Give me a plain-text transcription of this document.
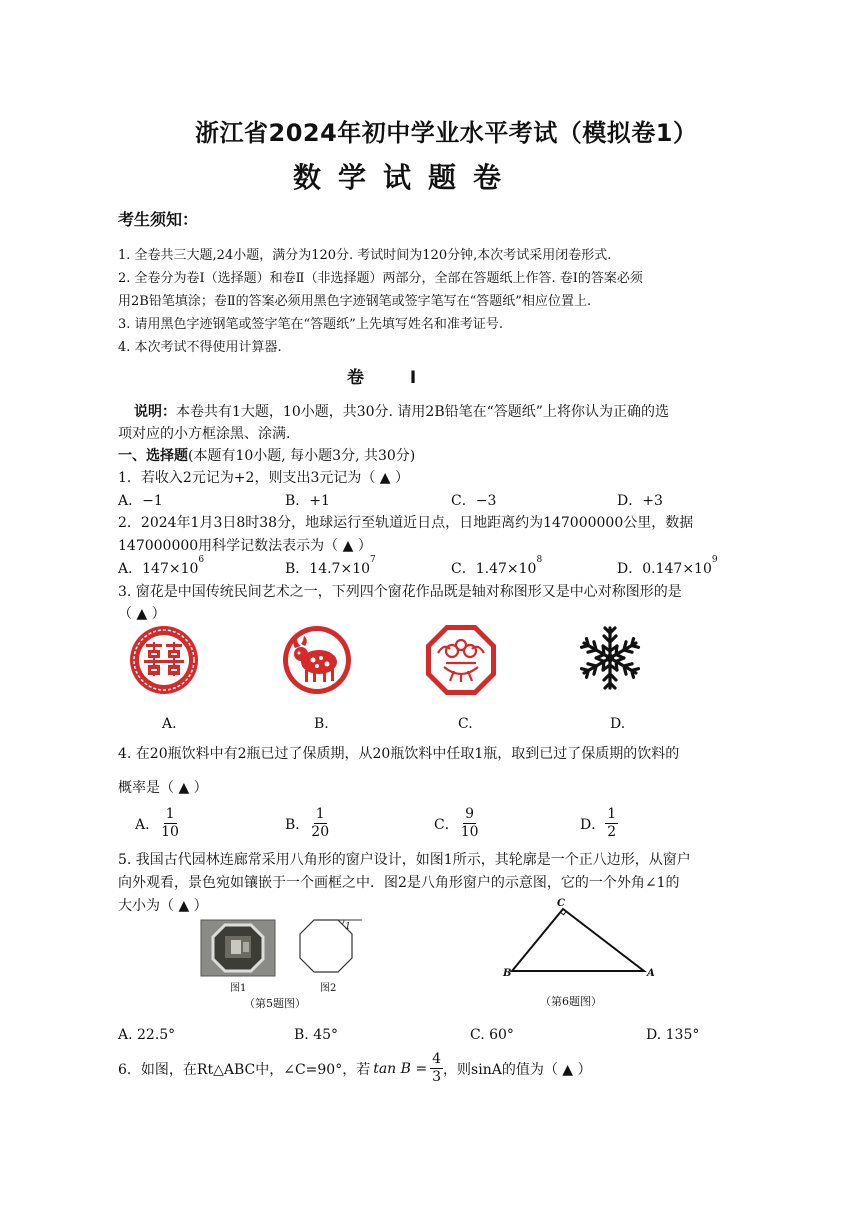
浙江省2024年初中学业水平考试（模拟卷1）
数学试题卷
考生须知：
1. 全卷共三大题,24小题，满分为120分. 考试时间为120分钟,本次考试采用闭卷形式.
2. 全卷分为卷Ⅰ（选择题）和卷Ⅱ（非选择题）两部分，全部在答题纸上作答. 卷Ⅰ的答案必须
用2B铅笔填涂；卷Ⅱ的答案必须用黑色字迹钢笔或签字笔写在“答题纸”相应位置上.
3. 请用黑色字迹钢笔或签字笔在“答题纸”上先填写姓名和准考证号.
4. 本次考试不得使用计算器.
卷 Ⅰ
说明：本卷共有1大题，10小题，共30分. 请用2B铅笔在“答题纸”上将你认为正确的选
项对应的小方框涂黑、涂满.
一、选择题(本题有10小题, 每小题3分, 共30分)
1．若收入2元记为+2，则支出3元记为（ ▲ ）
A．−1	B．+1	C．−3	D．+3
2．2024年1月3日8时38分，地球运行至轨道近日点，日地距离约为147000000公里，数据
147000000用科学记数法表示为（ ▲ ）
A．$147\times 10^6$
B．$14.7\times 10^7$
C．$1.47\times 10^8$
D．$0.147\times 10^9$
3. 窗花是中国传统民间艺术之一，下列四个窗花作品既是轴对称图形又是中心对称图形的是
（ ▲ ）
A.	B.	C.	D.
4. 在20瓶饮料中有2瓶已过了保质期，从20瓶饮料中任取1瓶，取到已过了保质期的饮料的
概率是（ ▲ ）
A． $\frac{1}{10}$	B． $\frac{1}{20}$	C． $\frac{9}{10}$	D． $\frac{1}{2}$
5. 我国古代园林连廊常采用八角形的窗户设计，如图1所示，其轮廓是一个正八边形，从窗户
向外观看，景色宛如镶嵌于一个画框之中．图2是八角形窗户的示意图，它的一个外角∠1的
大小为（ ▲ ）
图1
1
图2
（第5题图）
C
B	A
（第6题图）
A. 22.5°	B. 45°	C. 60°	D. 135°
6．如图，在Rt△ABC中，∠C=90°，若 $\tan B = \frac{4}{3}$ ，则sinA的值为（ ▲ ）
